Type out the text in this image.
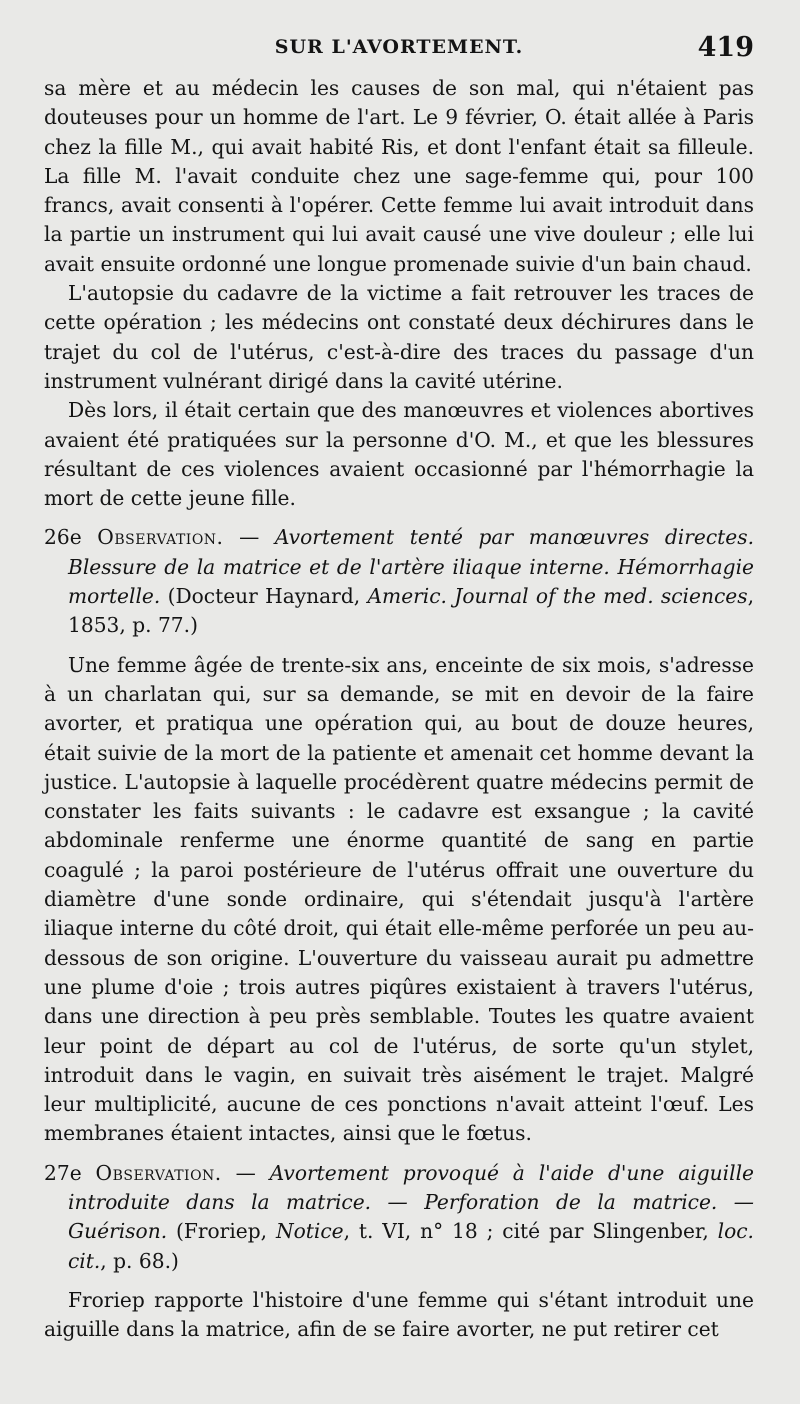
SUR L'AVORTEMENT.	419

sa mère et au médecin les causes de son mal, qui n'étaient pas douteuses pour un homme de l'art. Le 9 février, O. était allée à Paris chez la fille M., qui avait habité Ris, et dont l'enfant était sa filleule. La fille M. l'avait conduite chez une sage-femme qui, pour 100 francs, avait consenti à l'opérer. Cette femme lui avait introduit dans la partie un instrument qui lui avait causé une vive douleur ; elle lui avait ensuite ordonné une longue promenade suivie d'un bain chaud.

L'autopsie du cadavre de la victime a fait retrouver les traces de cette opération ; les médecins ont constaté deux déchirures dans le trajet du col de l'utérus, c'est-à-dire des traces du passage d'un instrument vulnérant dirigé dans la cavité utérine.

Dès lors, il était certain que des manœuvres et violences abortives avaient été pratiquées sur la personne d'O. M., et que les blessures résultant de ces violences avaient occasionné par l'hémorrhagie la mort de cette jeune fille.

26e Observation. — Avortement tenté par manœuvres directes. Blessure de la matrice et de l'artère iliaque interne. Hémorrhagie mortelle. (Docteur Haynard, Americ. Journal of the med. sciences, 1853, p. 77.)

Une femme âgée de trente-six ans, enceinte de six mois, s'adresse à un charlatan qui, sur sa demande, se mit en devoir de la faire avorter, et pratiqua une opération qui, au bout de douze heures, était suivie de la mort de la patiente et amenait cet homme devant la justice. L'autopsie à laquelle procédèrent quatre médecins permit de constater les faits suivants : le cadavre est exsangue ; la cavité abdominale renferme une énorme quantité de sang en partie coagulé ; la paroi postérieure de l'utérus offrait une ouverture du diamètre d'une sonde ordinaire, qui s'étendait jusqu'à l'artère iliaque interne du côté droit, qui était elle-même perforée un peu au-dessous de son origine. L'ouverture du vaisseau aurait pu admettre une plume d'oie ; trois autres piqûres existaient à travers l'utérus, dans une direction à peu près semblable. Toutes les quatre avaient leur point de départ au col de l'utérus, de sorte qu'un stylet, introduit dans le vagin, en suivait très aisément le trajet. Malgré leur multiplicité, aucune de ces ponctions n'avait atteint l'œuf. Les membranes étaient intactes, ainsi que le fœtus.

27e Observation. — Avortement provoqué à l'aide d'une aiguille introduite dans la matrice. — Perforation de la matrice. — Guérison. (Froriep, Notice, t. VI, n° 18 ; cité par Slingenber, loc. cit., p. 68.)

Froriep rapporte l'histoire d'une femme qui s'étant introduit une aiguille dans la matrice, afin de se faire avorter, ne put retirer cet
